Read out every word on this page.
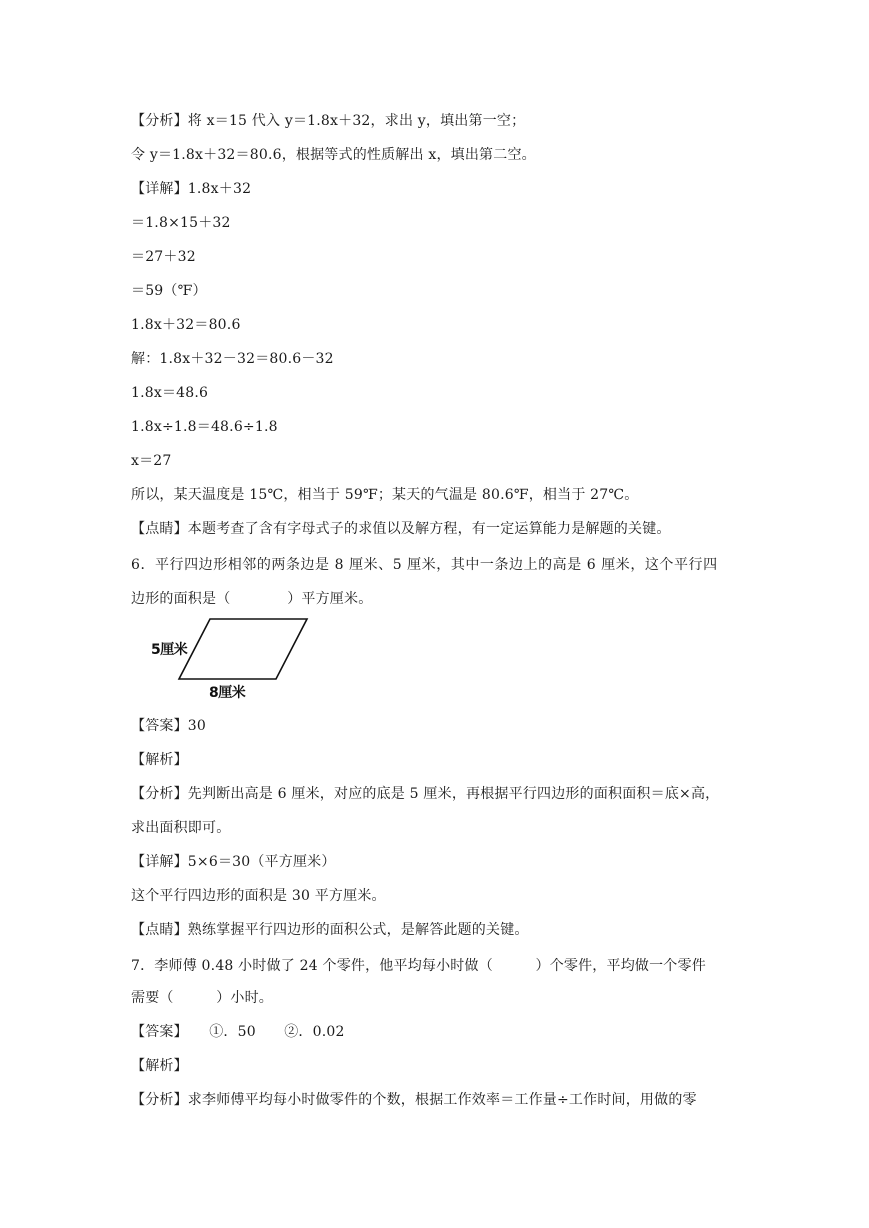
【分析】将 x＝15 代入 y＝1.8x＋32，求出 y，填出第一空；
令 y＝1.8x＋32＝80.6，根据等式的性质解出 x，填出第二空。
【详解】1.8x＋32
＝1.8×15＋32
＝27＋32
＝59（℉）
1.8x＋32＝80.6
解：1.8x＋32－32＝80.6－32
1.8x＝48.6
1.8x÷1.8＝48.6÷1.8
x＝27
所以，某天温度是 15℃，相当于 59℉；某天的气温是 80.6℉，相当于 27℃。
【点睛】本题考查了含有字母式子的求值以及解方程，有一定运算能力是解题的关键。
6．平行四边形相邻的两条边是 8 厘米、5 厘米，其中一条边上的高是 6 厘米，这个平行四
边形的面积是（　　　　）平方厘米。
5厘米
8厘米
【答案】30
【解析】
【分析】先判断出高是 6 厘米，对应的底是 5 厘米，再根据平行四边形的面积面积＝底×高，
求出面积即可。
【详解】5×6＝30（平方厘米）
这个平行四边形的面积是 30 平方厘米。
【点睛】熟练掌握平行四边形的面积公式，是解答此题的关键。
7．李师傅 0.48 小时做了 24 个零件，他平均每小时做（　　　）个零件，平均做一个零件
需要（　　　）小时。
【答案】　　①．50　　②．0.02
【解析】
【分析】求李师傅平均每小时做零件的个数，根据工作效率＝工作量÷工作时间，用做的零
